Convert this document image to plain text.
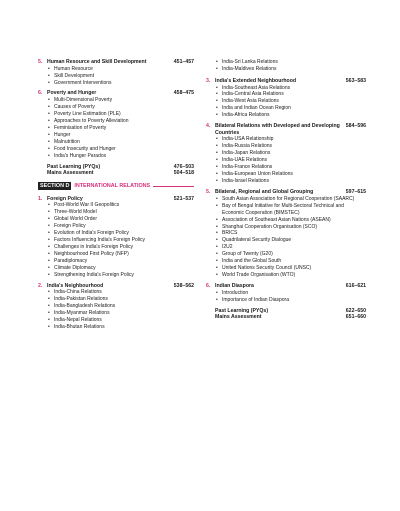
5. Human Resource and Skill Development	451–457
• Human Resource
• Skill Development
• Government Interventions
6. Poverty and Hunger	458–475
• Multi-Dimensional Poverty
• Causes of Poverty
• Poverty Line Estimation (PLE)
• Approaches to Poverty Alleviation
• Feminisation of Poverty
• Hunger
• Malnutrition
• Food Insecurity and Hunger
• India's Hunger Paradox
Past Learning (PYQs)	476–503
Mains Assessment	504–518
SECTION D INTERNATIONAL RELATIONS
1. Foreign Policy	521–537
• Post-World War II Geopolitics
• Three-World Model
• Global World Order
• Foreign Policy
• Evolution of India's Foreign Policy
• Factors Influencing India's Foreign Policy
• Challenges in India's Foreign Policy
• Neighbourhood First Policy (NFP)
• Paradiplomacy
• Climate Diplomacy
• Strengthening India's Foreign Policy
2. India's Neighbourhood	538–562
• India-China Relations
• India-Pakistan Relations
• India-Bangladesh Relations
• India-Myanmar Relations
• India-Nepal Relations
• India-Bhutan Relations
• India-Sri Lanka Relations
• India-Maldives Relations
3. India's Extended Neighbourhood	563–583
• India-Southeast Asia Relations
• India-Central Asia Relations
• India-West Asia Relations
• India and Indian Ocean Region
• India-Africa Relations
4. Bilateral Relations with Developed and Developing Countries
584–596
• India-USA Relationship
• India-Russia Relations
• India-Japan Relations
• India-UAE Relations
• India-France Relations
• India-European Union Relations
• India-Israel Relations
5. Bilateral, Regional and Global Grouping	597–615
• South Asian Association for Regional Cooperation (SAARC)
• Bay of Bengal Initiative for Multi-Sectoral Technical and Economic Cooperation (BIMSTEC)
• Association of Southeast Asian Nations (ASEAN)
• Shanghai Cooperation Organisation (SCO)
• BRICS
• Quadrilateral Security Dialogue
• I2U2
• Group of Twenty (G20)
• India and the Global South
• United Nations Security Council (UNSC)
• World Trade Organisation (WTO)
6. Indian Diaspora	616–621
• Introduction
• Importance of Indian Diaspora
Past Learning (PYQs)	622–650
Mains Assessment	651–660
